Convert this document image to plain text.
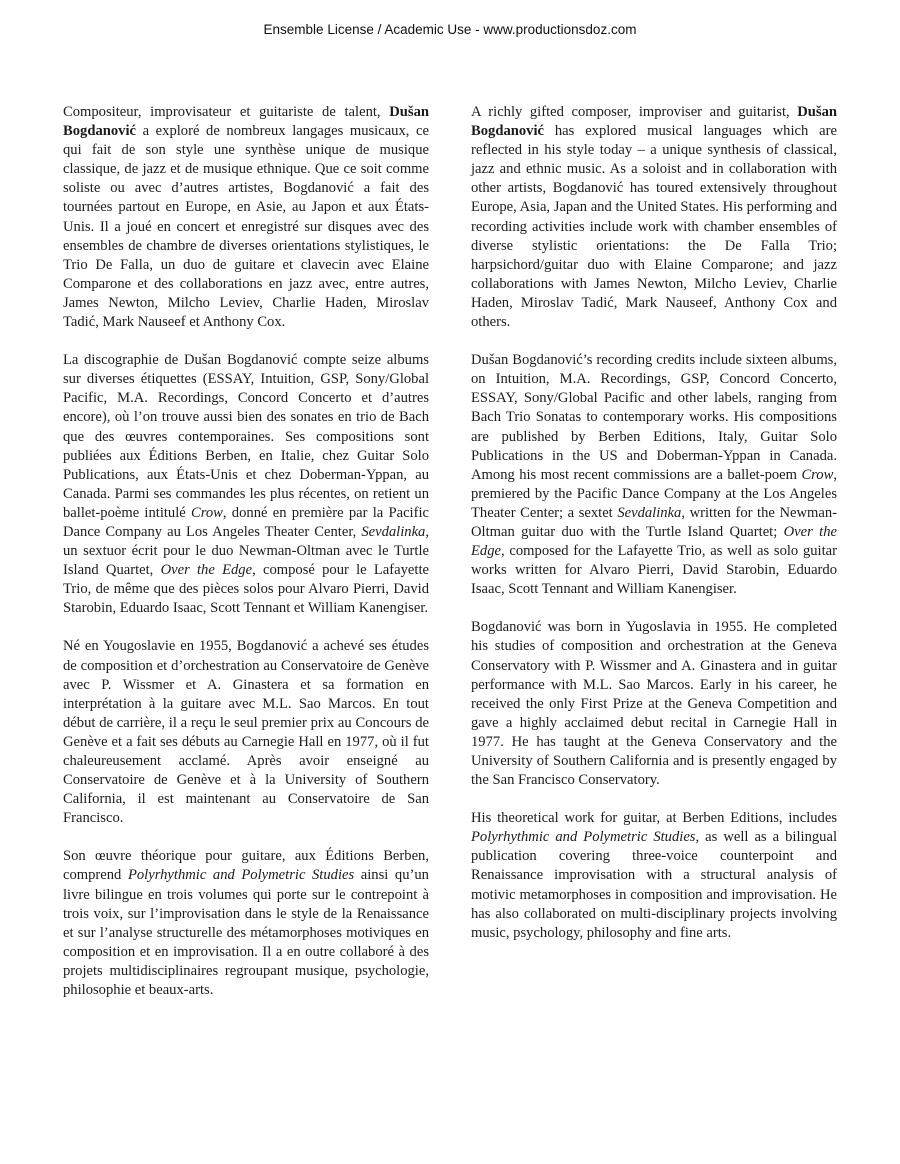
Ensemble License / Academic Use - www.productionsdoz.com

Compositeur, improvisateur et guitariste de talent, Dušan Bogdanović a exploré de nombreux langages musicaux, ce qui fait de son style une synthèse unique de musique classique, de jazz et de musique ethnique. Que ce soit comme soliste ou avec d’autres artistes, Bogdanović a fait des tournées partout en Europe, en Asie, au Japon et aux États-Unis. Il a joué en concert et enregistré sur disques avec des ensembles de chambre de diverses orientations stylistiques, le Trio De Falla, un duo de guitare et clavecin avec Elaine Comparone et des collaborations en jazz avec, entre autres, James Newton, Milcho Leviev, Charlie Haden, Miroslav Tadić, Mark Nauseef et Anthony Cox.

La discographie de Dušan Bogdanović compte seize albums sur diverses étiquettes (ESSAY, Intuition, GSP, Sony/Global Pacific, M.A. Recordings, Concord Concerto et d’autres encore), où l’on trouve aussi bien des sonates en trio de Bach que des œuvres contemporaines. Ses compositions sont publiées aux Éditions Berben, en Italie, chez Guitar Solo Publications, aux États-Unis et chez Doberman-Yppan, au Canada. Parmi ses commandes les plus récentes, on retient un ballet-poème intitulé Crow, donné en première par la Pacific Dance Company au Los Angeles Theater Center, Sevdalinka, un sextuor écrit pour le duo Newman-Oltman avec le Turtle Island Quartet, Over the Edge, composé pour le Lafayette Trio, de même que des pièces solos pour Alvaro Pierri, David Starobin, Eduardo Isaac, Scott Tennant et William Kanengiser.

Né en Yougoslavie en 1955, Bogdanović a achevé ses études de composition et d’orchestration au Conservatoire de Genève avec P. Wissmer et A. Ginastera et sa formation en interprétation à la guitare avec M.L. Sao Marcos. En tout début de carrière, il a reçu le seul premier prix au Concours de Genève et a fait ses débuts au Carnegie Hall en 1977, où il fut chaleureusement acclamé. Après avoir enseigné au Conservatoire de Genève et à la University of Southern California, il est maintenant au Conservatoire de San Francisco.

Son œuvre théorique pour guitare, aux Éditions Berben, comprend Polyrhythmic and Polymetric Studies ainsi qu’un livre bilingue en trois volumes qui porte sur le contrepoint à trois voix, sur l’improvisation dans le style de la Renaissance et sur l’analyse structurelle des métamorphoses motiviques en composition et en improvisation. Il a en outre collaboré à des projets multidisciplinaires regroupant musique, psychologie, philosophie et beaux-arts.

A richly gifted composer, improviser and guitarist, Dušan Bogdanović has explored musical languages which are reflected in his style today – a unique synthesis of classical, jazz and ethnic music. As a soloist and in collaboration with other artists, Bogdanović has toured extensively throughout Europe, Asia, Japan and the United States. His performing and recording activities include work with chamber ensembles of diverse stylistic orientations: the De Falla Trio; harpsichord/guitar duo with Elaine Comparone; and jazz collaborations with James Newton, Milcho Leviev, Charlie Haden, Miroslav Tadić, Mark Nauseef, Anthony Cox and others.

Dušan Bogdanović’s recording credits include sixteen albums, on Intuition, M.A. Recordings, GSP, Concord Concerto, ESSAY, Sony/Global Pacific and other labels, ranging from Bach Trio Sonatas to contemporary works. His compositions are published by Berben Editions, Italy, Guitar Solo Publications in the US and Doberman-Yppan in Canada. Among his most recent commissions are a ballet-poem Crow, premiered by the Pacific Dance Company at the Los Angeles Theater Center; a sextet Sevdalinka, written for the Newman-Oltman guitar duo with the Turtle Island Quartet; Over the Edge, composed for the Lafayette Trio, as well as solo guitar works written for Alvaro Pierri, David Starobin, Eduardo Isaac, Scott Tennant and William Kanengiser.

Bogdanović was born in Yugoslavia in 1955. He completed his studies of composition and orchestration at the Geneva Conservatory with P. Wissmer and A. Ginastera and in guitar performance with M.L. Sao Marcos. Early in his career, he received the only First Prize at the Geneva Competition and gave a highly acclaimed debut recital in Carnegie Hall in 1977. He has taught at the Geneva Conservatory and the University of Southern California and is presently engaged by the San Francisco Conservatory.

His theoretical work for guitar, at Berben Editions, includes Polyrhythmic and Polymetric Studies, as well as a bilingual publication covering three-voice counterpoint and Renaissance improvisation with a structural analysis of motivic metamorphoses in composition and improvisation. He has also collaborated on multi-disciplinary projects involving music, psychology, philosophy and fine arts.
